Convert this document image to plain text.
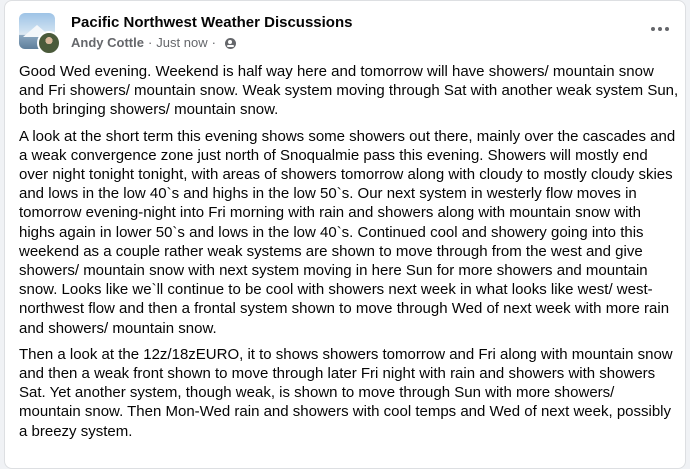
Pacific Northwest Weather Discussions
Andy Cottle · Just now ·

Good Wed evening. Weekend is half way here and tomorrow will have showers/ mountain snow and Fri showers/ mountain snow. Weak system moving through Sat with another weak system Sun, both bringing showers/ mountain snow.

A look at the short term this evening shows some showers out there, mainly over the cascades and a weak convergence zone just north of Snoqualmie pass this evening. Showers will mostly end over night tonight tonight, with areas of showers tomorrow along with cloudy to mostly cloudy skies and lows in the low 40`s and highs in the low 50`s. Our next system in westerly flow moves in tomorrow evening-night into Fri morning with rain and showers along with mountain snow with highs again in lower 50`s and lows in the low 40`s. Continued cool and showery going into this weekend as a couple rather weak systems are shown to move through from the west and give showers/ mountain snow with next system moving in here Sun for more showers and mountain snow. Looks like we`ll continue to be cool with showers next week in what looks like west/ west-northwest flow and then a frontal system shown to move through Wed of next week with more rain and showers/ mountain snow.

Then a look at the 12z/18zEURO, it to shows showers tomorrow and Fri along with mountain snow and then a weak front shown to move through later Fri night with rain and showers with showers Sat. Yet another system, though weak, is shown to move through Sun with more showers/ mountain snow. Then Mon-Wed rain and showers with cool temps and Wed of next week, possibly a breezy system.
